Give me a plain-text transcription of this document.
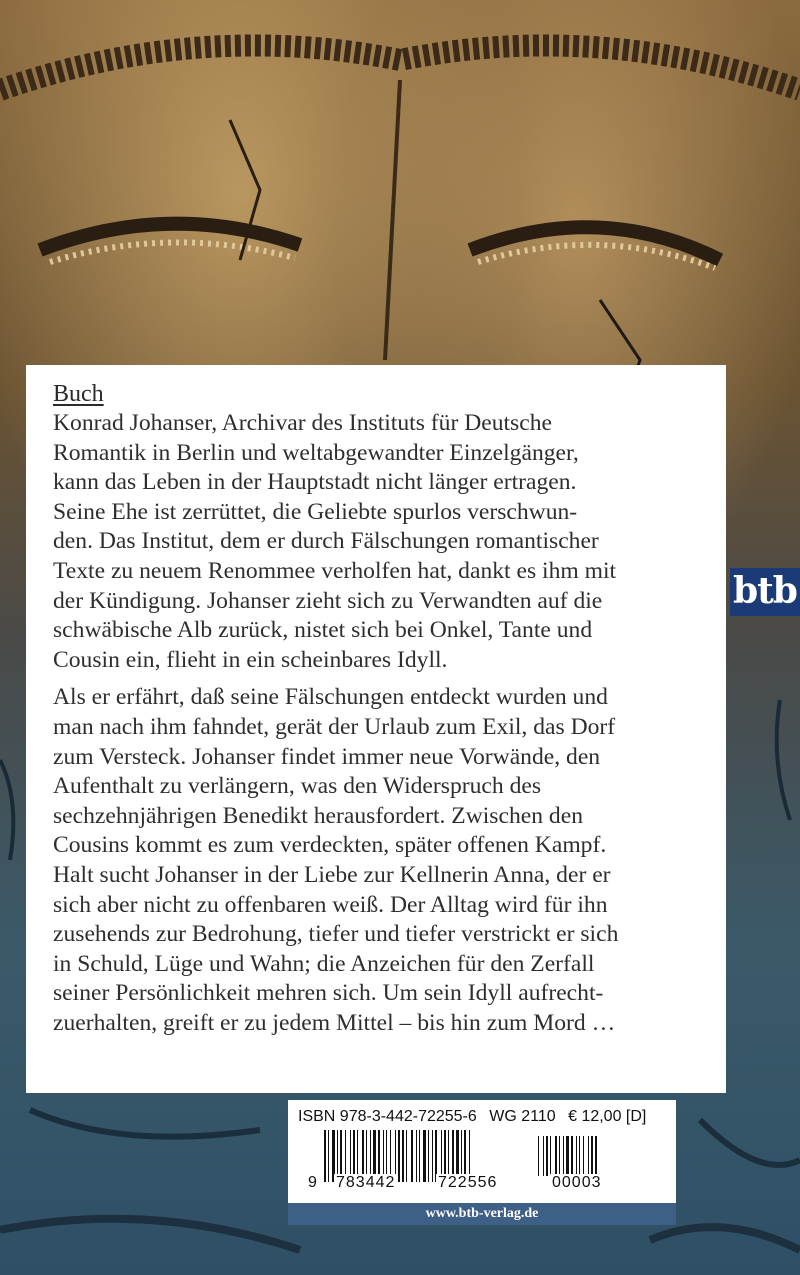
Buch

Konrad Johanser, Archivar des Instituts für Deutsche
Romantik in Berlin und weltabgewandter Einzelgänger,
kann das Leben in der Hauptstadt nicht länger ertragen.
Seine Ehe ist zerrüttet, die Geliebte spurlos verschwun-
den. Das Institut, dem er durch Fälschungen romantischer
Texte zu neuem Renommee verholfen hat, dankt es ihm mit
der Kündigung. Johanser zieht sich zu Verwandten auf die
schwäbische Alb zurück, nistet sich bei Onkel, Tante und
Cousin ein, flieht in ein scheinbares Idyll.

Als er erfährt, daß seine Fälschungen entdeckt wurden und
man nach ihm fahndet, gerät der Urlaub zum Exil, das Dorf
zum Versteck. Johanser findet immer neue Vorwände, den
Aufenthalt zu verlängern, was den Widerspruch des
sechzehnjährigen Benedikt herausfordert. Zwischen den
Cousins kommt es zum verdeckten, später offenen Kampf.
Halt sucht Johanser in der Liebe zur Kellnerin Anna, der er
sich aber nicht zu offenbaren weiß. Der Alltag wird für ihn
zusehends zur Bedrohung, tiefer und tiefer verstrickt er sich
in Schuld, Lüge und Wahn; die Anzeichen für den Zerfall
seiner Persönlichkeit mehren sich. Um sein Idyll aufrecht-
zuerhalten, greift er zu jedem Mittel – bis hin zum Mord …

btb
ISBN 978-3-442-72255-6 WG 2110 € 12,00 [D]
9 783442	722556	00003
www.btb-verlag.de
